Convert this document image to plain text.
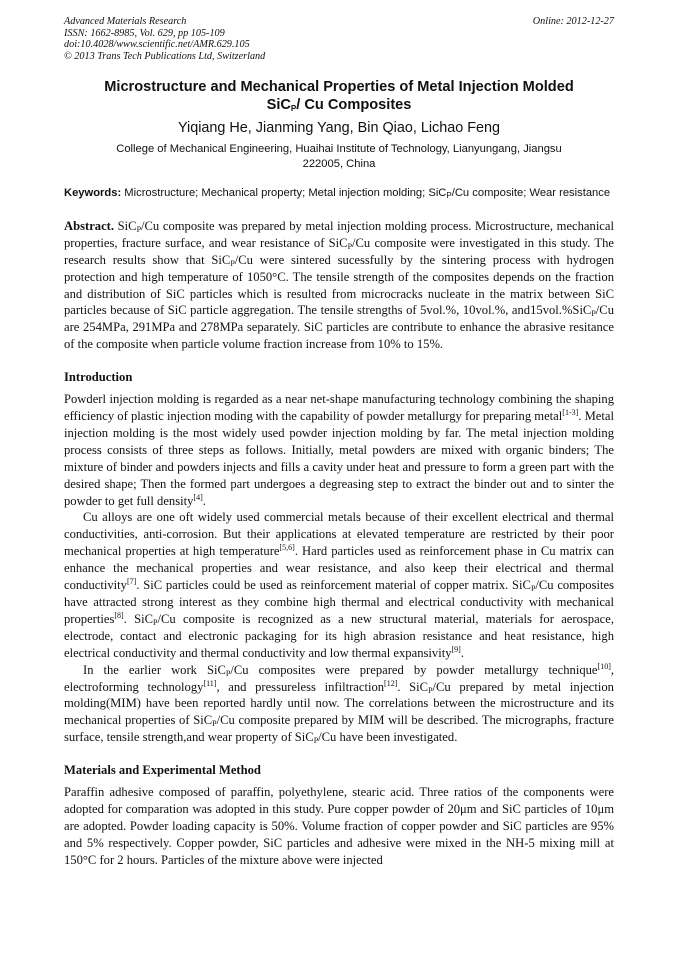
Advanced Materials Research
ISSN: 1662-8985, Vol. 629, pp 105-109
doi:10.4028/www.scientific.net/AMR.629.105
© 2013 Trans Tech Publications Ltd, Switzerland
Online: 2012-12-27
Microstructure and Mechanical Properties of Metal Injection Molded
SiC$_P$/ Cu Composites
Yiqiang He, Jianming Yang, Bin Qiao, Lichao Feng
College of Mechanical Engineering, Huaihai Institute of Technology, Lianyungang, Jiangsu
222005, China
Keywords: Microstructure; Mechanical property; Metal injection molding; SiC$_P$/Cu composite; Wear resistance
Abstract. SiC$_P$/Cu composite was prepared by metal injection molding process. Microstructure, mechanical properties, fracture surface, and wear resistance of SiC$_P$/Cu composite were investigated in this study. The research results show that SiC$_P$/Cu were sintered sucessfully by the sintering process with hydrogen protection and high temperature of 1050°C. The tensile strength of the composites depends on the fraction and distribution of SiC particles which is resulted from microcracks nucleate in the matrix between SiC particles because of SiC particle aggregation. The tensile strengths of 5vol.%, 10vol.%, and15vol.%SiC$_P$/Cu are 254MPa, 291MPa and 278MPa separately. SiC particles are contribute to enhance the abrasive resitance of the composite when particle volume fraction increase from 10% to 15%.
Introduction

Powderl injection molding is regarded as a near net-shape manufacturing technology combining the shaping efficiency of plastic injection moding with the capability of powder metallurgy for preparing metal[1-3]. Metal injection molding is the most widely used powder injection molding by far. The metal injection molding process consists of three steps as follows. Initially, metal powders are mixed with organic binders; The mixture of binder and powders injects and fills a cavity under heat and pressure to form a green part with the desired shape; Then the formed part undergoes a degreasing step to extract the binder out and to sinter the powder to get full density[4].

Cu alloys are one oft widely used commercial metals because of their excellent electrical and thermal conductivities, anti-corrosion. But their applications at elevated temperature are restricted by their poor mechanical properties at high temperature[5,6]. Hard particles used as reinforcement phase in Cu matrix can enhance the mechanical properties and wear resistance, and also keep their electrical and thermal conductivity[7]. SiC particles could be used as reinforcement material of copper matrix. SiC$_P$/Cu composites have attracted strong interest as they combine high thermal and electrical conductivity with mechanical properties[8]. SiC$_P$/Cu composite is recognized as a new structural material, materials for aerospace, electrode, contact and electronic packaging for its high abrasion resistance and heat resistance, high electrical conductivity and thermal conductivity and low thermal expansivity[9].

In the earlier work SiC$_P$/Cu composites were prepared by powder metallurgy technique[10], electroforming technology[11], and pressureless infiltraction[12]. SiC$_P$/Cu prepared by metal injection molding(MIM) have been reported hardly until now. The correlations between the microstructure and its mechanical properties of SiC$_P$/Cu composite prepared by MIM will be described. The micrographs, fracture surface, tensile strength,and wear property of SiC$_P$/Cu have been investigated.

Materials and Experimental Method

Paraffin adhesive composed of paraffin, polyethylene, stearic acid. Three ratios of the components were adopted for comparation was adopted in this study. Pure copper powder of 20μm and SiC particles of 10μm are adopted. Powder loading capacity is 50%. Volume fraction of copper powder and SiC particles are 95% and 5% respectively. Copper powder, SiC particles and adhesive were mixed in the NH-5 mixing mill at 150°C for 2 hours. Particles of the mixture above were injected
